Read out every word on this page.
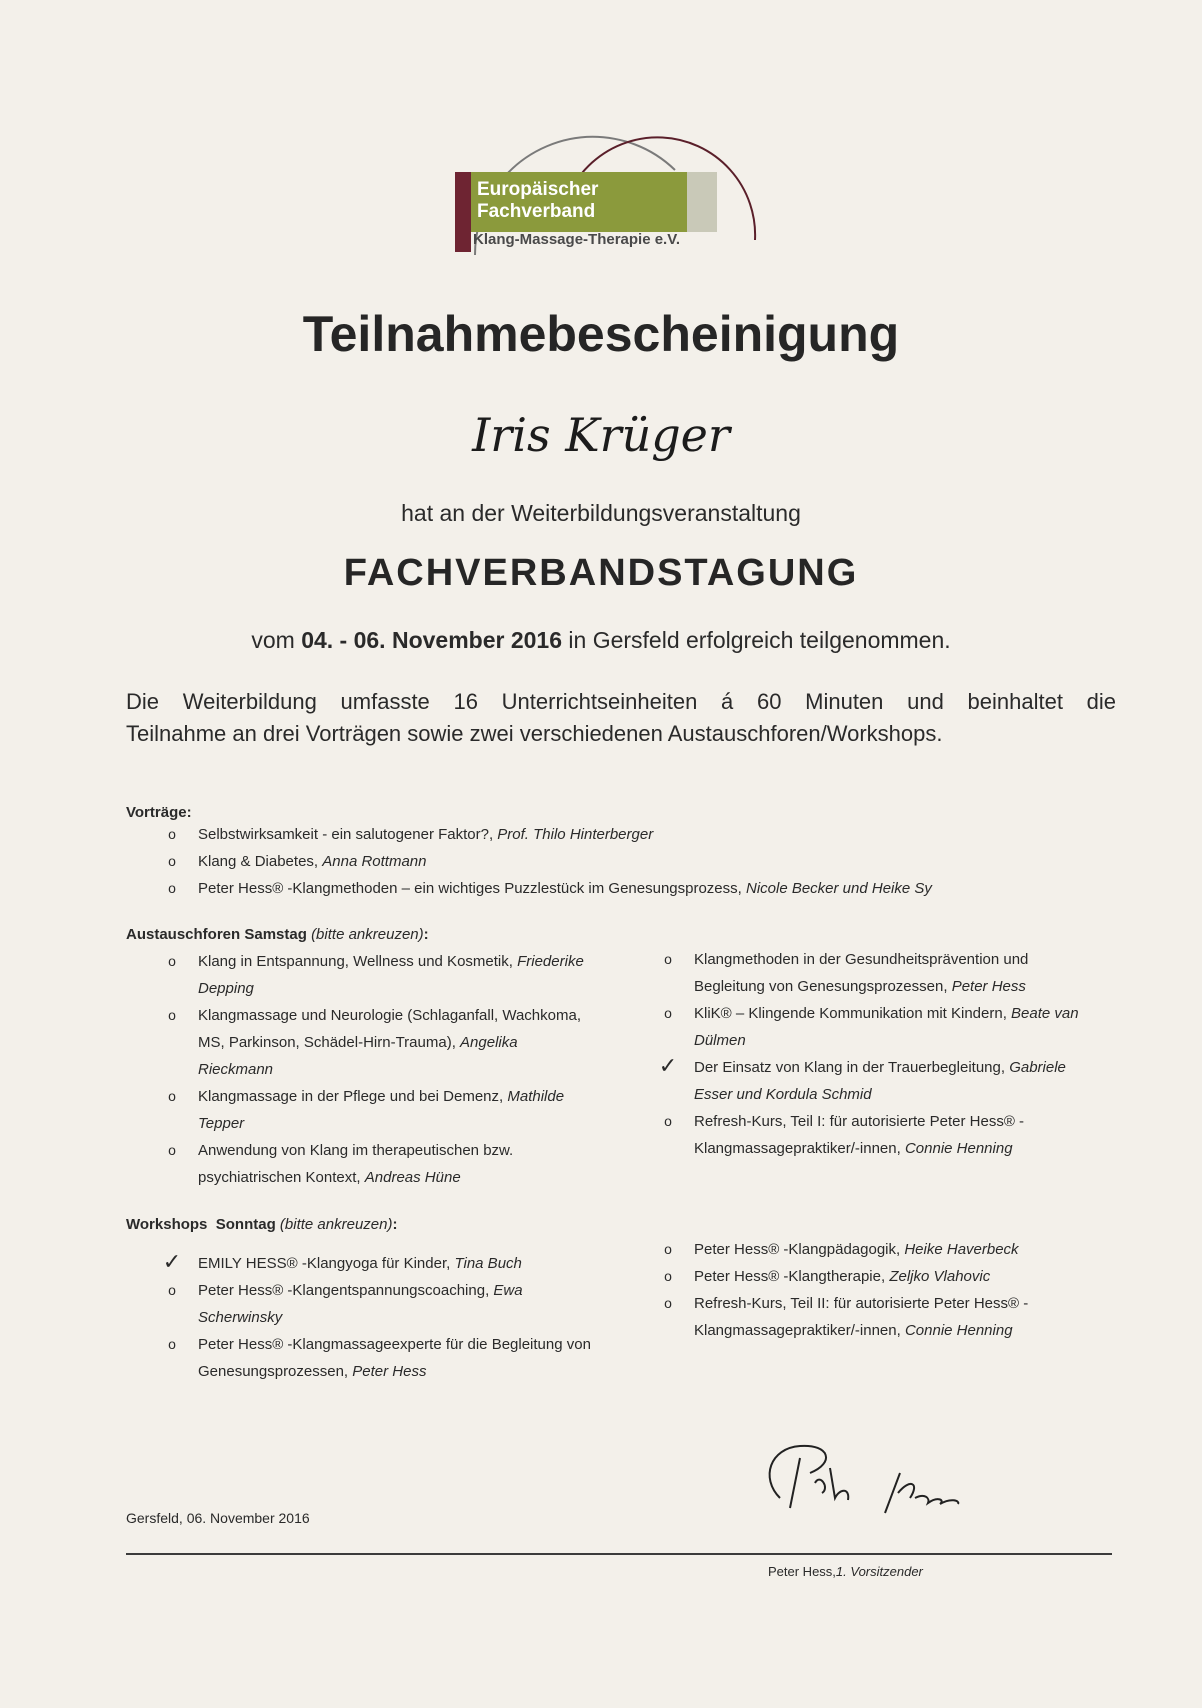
Europäischer
Fachverband
Klang-Massage-Therapie e.V.
Teilnahmebescheinigung
Iris Krüger
hat an der Weiterbildungsveranstaltung
FACHVERBANDSTAGUNG
vom 04. - 06. November 2016 in Gersfeld erfolgreich teilgenommen.
Die Weiterbildung umfasste 16 Unterrichtseinheiten á 60 Minuten und beinhaltet die
Teilnahme an drei Vorträgen sowie zwei verschiedenen Austauschforen/Workshops.
Vorträge:
o	Selbstwirksamkeit - ein salutogener Faktor?, Prof. Thilo Hinterberger
o	Klang & Diabetes, Anna Rottmann
o	Peter Hess® -Klangmethoden – ein wichtiges Puzzlestück im Genesungsprozess, Nicole Becker und Heike Sy
Austauschforen Samstag (bitte ankreuzen):
o	Klang in Entspannung, Wellness und Kosmetik, Friederike Depping
o	Klangmassage und Neurologie (Schlaganfall, Wachkoma, MS, Parkinson, Schädel-Hirn-Trauma), Angelika Rieckmann
o	Klangmassage in der Pflege und bei Demenz, Mathilde Tepper
o	Anwendung von Klang im therapeutischen bzw. psychiatrischen Kontext, Andreas Hüne
o	Klangmethoden in der Gesundheitsprävention und Begleitung von Genesungsprozessen, Peter Hess
o	KliK® – Klingende Kommunikation mit Kindern, Beate van Dülmen
✓ Der Einsatz von Klang in der Trauerbegleitung, Gabriele Esser und Kordula Schmid
o	Refresh-Kurs, Teil I: für autorisierte Peter Hess® -Klangmassagepraktiker/-innen, Connie Henning
Workshops  Sonntag (bitte ankreuzen):
✓ EMILY HESS® -Klangyoga für Kinder, Tina Buch
o	Peter Hess® -Klangentspannungscoaching, Ewa Scherwinsky
o	Peter Hess® -Klangmassageexperte für die Begleitung von Genesungsprozessen, Peter Hess
o	Peter Hess® -Klangpädagogik, Heike Haverbeck
o	Peter Hess® -Klangtherapie, Zeljko Vlahovic
o	Refresh-Kurs, Teil II: für autorisierte Peter Hess® -Klangmassagepraktiker/-innen, Connie Henning
Gersfeld, 06. November 2016
Peter Hess,1. Vorsitzender
